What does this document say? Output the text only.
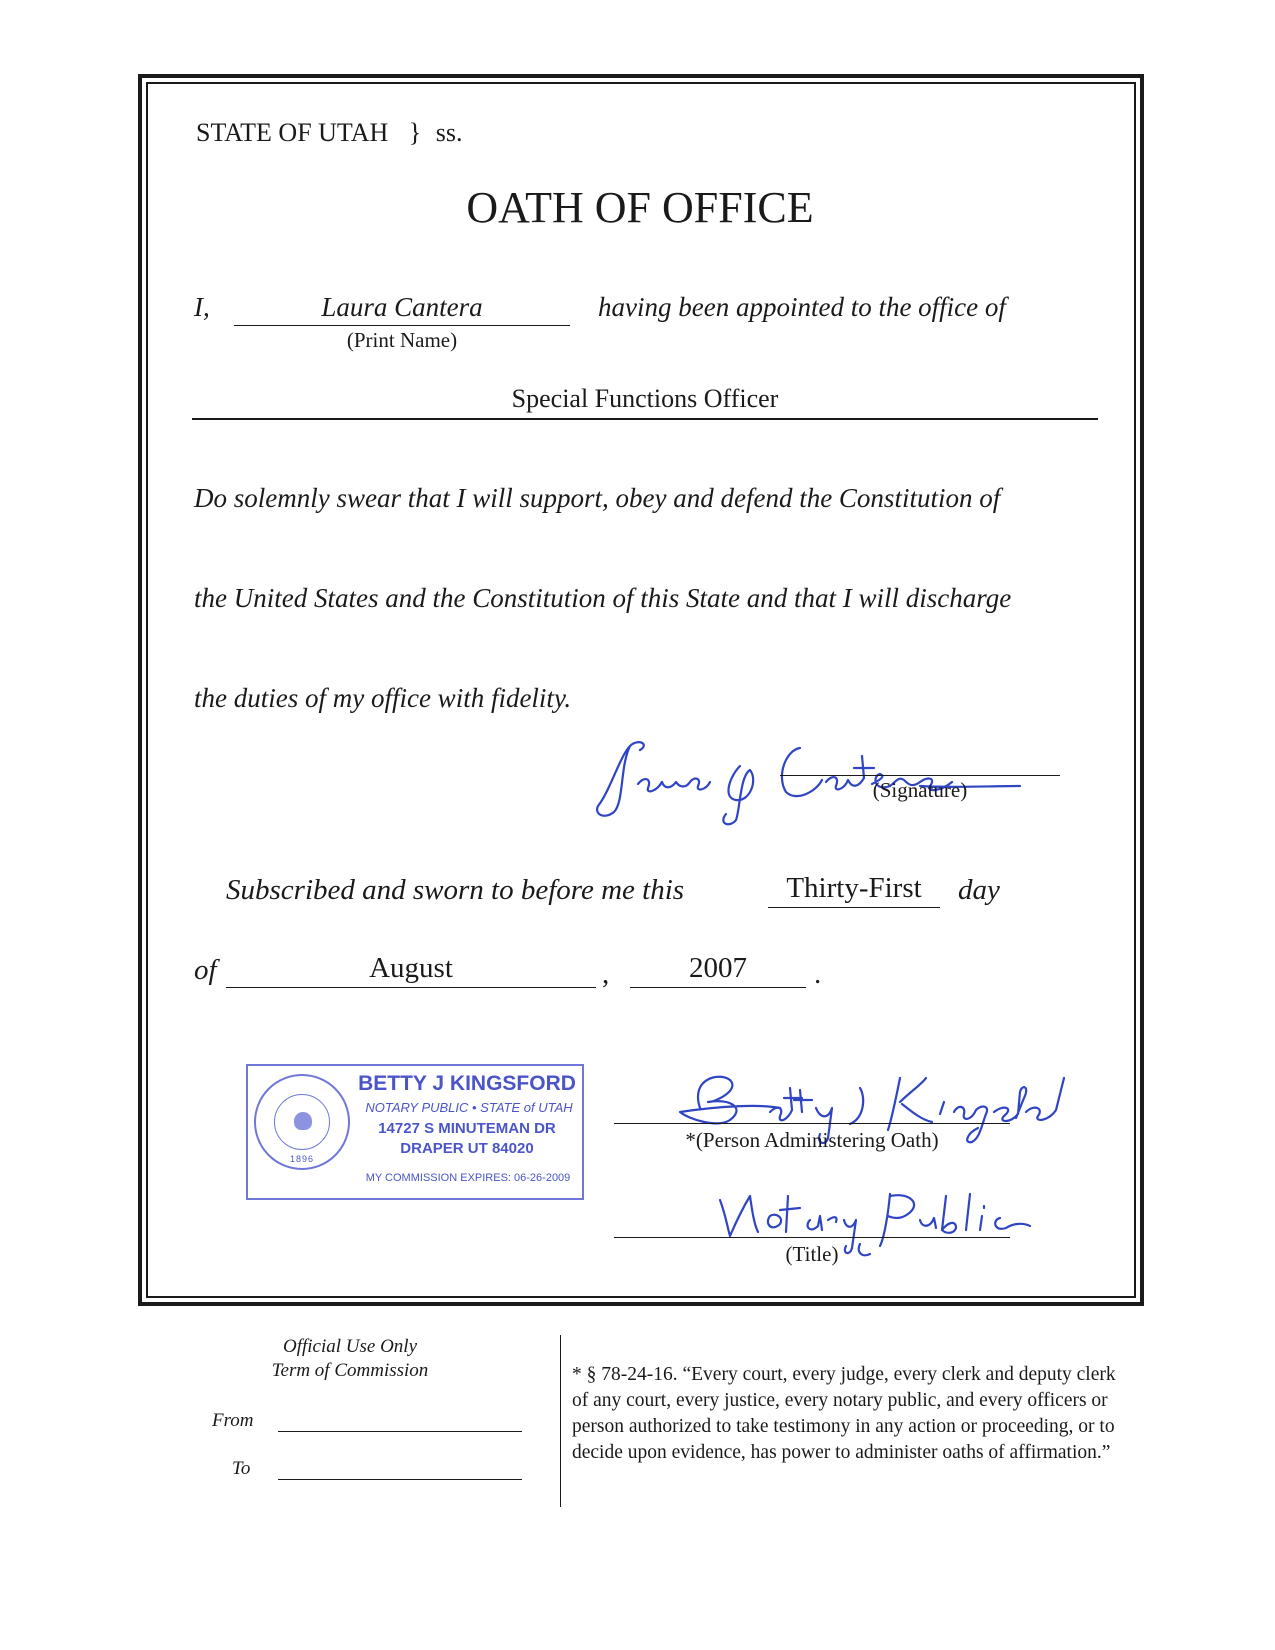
STATE OF UTAH } ss.
OATH OF OFFICE
I,	Laura Cantera
(Print Name)
having been appointed to the office of
Special Functions Officer
Do solemnly swear that I will support, obey and defend the Constitution of
the United States and the Constitution of this State and that I will discharge
the duties of my office with fidelity.
(Signature)
Subscribed and sworn to before me this	Thirty-First	day
of	August	,	2007	.
1896
BETTY J KINGSFORD
NOTARY PUBLIC • STATE of UTAH
14727 S MINUTEMAN DR
DRAPER UT 84020
MY COMMISSION EXPIRES: 06-26-2009
*(Person Administering Oath)
(Title)
Official Use Only
Term of Commission
From
To
* § 78-24-16. “Every court, every judge, every clerk and deputy clerk of any court, every justice, every notary public, and every officers or person authorized to take testimony in any action or proceeding, or to decide upon evidence, has power to administer oaths of affirmation.”
